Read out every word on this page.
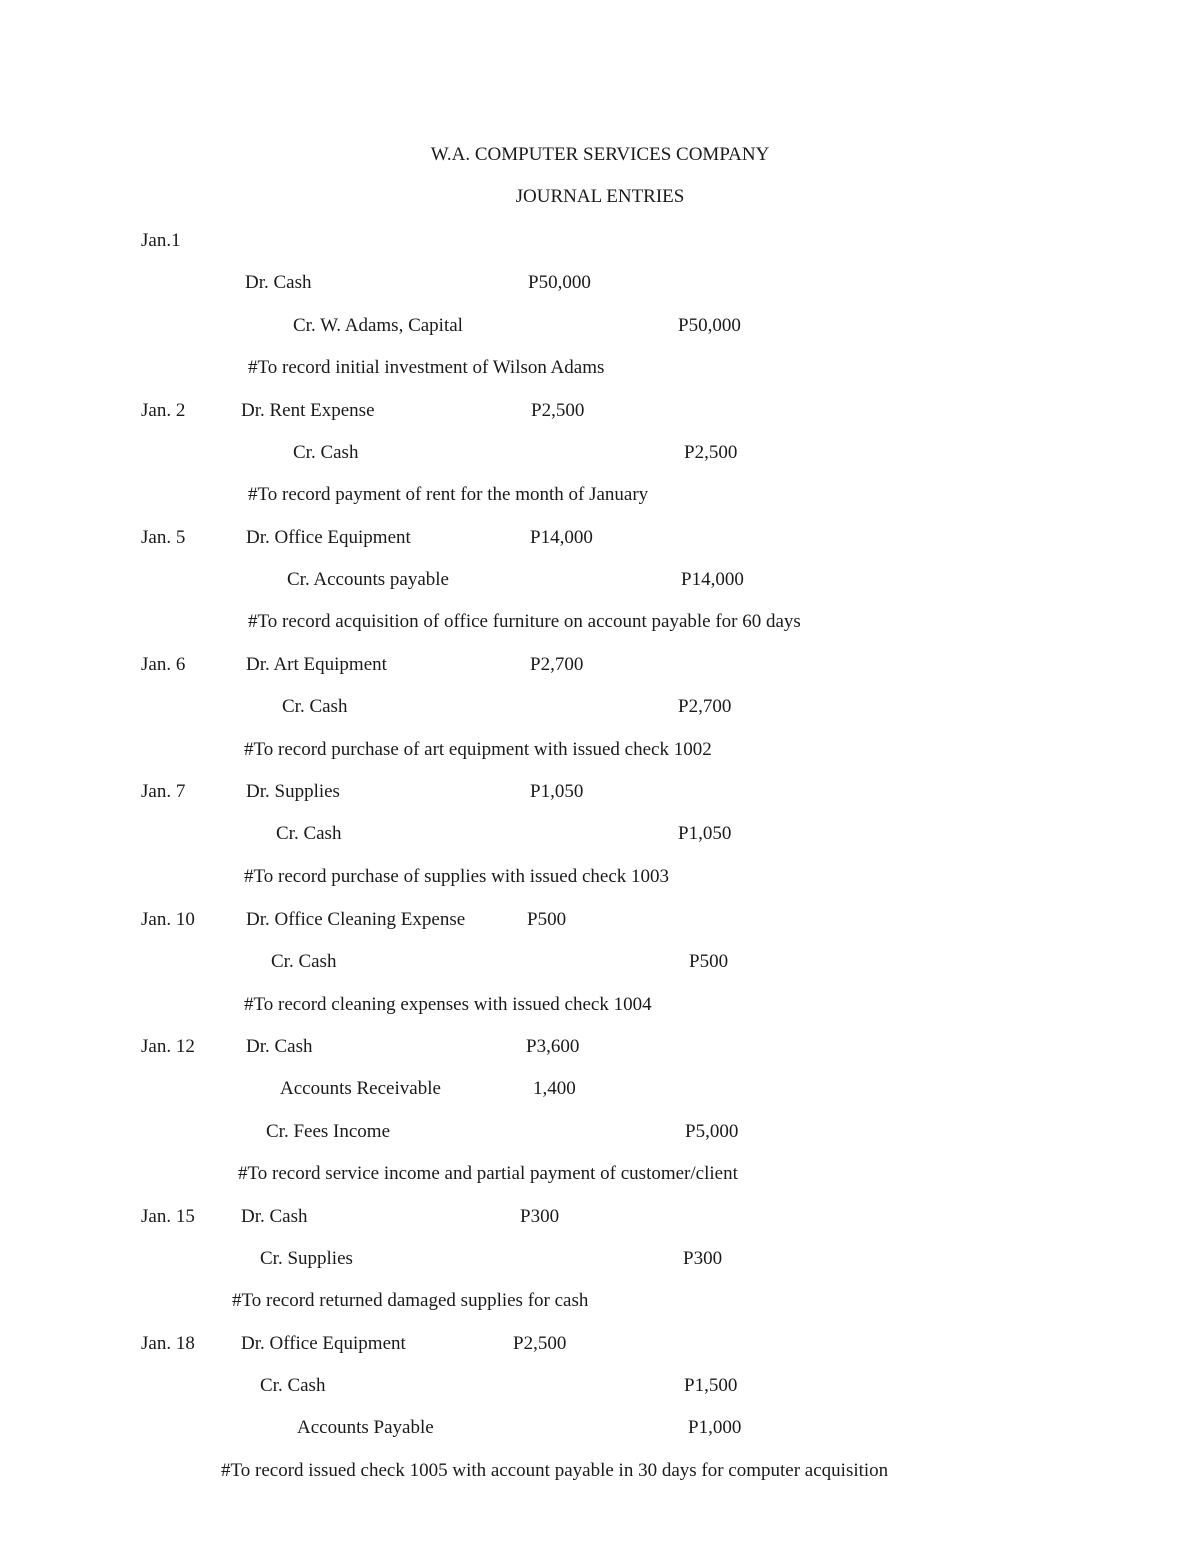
W.A. COMPUTER SERVICES COMPANY
JOURNAL ENTRIES
Jan.1
Dr. Cash	P50,000
Cr. W. Adams, Capital	P50,000
#To record initial investment of Wilson Adams
Jan. 2	Dr. Rent Expense	P2,500
Cr. Cash	P2,500
#To record payment of rent for the month of January
Jan. 5	Dr. Office Equipment	P14,000
Cr. Accounts payable	P14,000
#To record acquisition of office furniture on account payable for 60 days
Jan. 6	Dr. Art Equipment	P2,700
Cr. Cash	P2,700
#To record purchase of art equipment with issued check 1002
Jan. 7	Dr. Supplies	P1,050
Cr. Cash	P1,050
#To record purchase of supplies with issued check 1003
Jan. 10	Dr. Office Cleaning Expense	P500
Cr. Cash	P500
#To record cleaning expenses with issued check 1004
Jan. 12	Dr. Cash	P3,600
Accounts Receivable	1,400
Cr. Fees Income	P5,000
#To record service income and partial payment of customer/client
Jan. 15 Dr. Cash	P300
Cr. Supplies	P300
#To record returned damaged supplies for cash
Jan. 18 Dr. Office Equipment	P2,500
Cr. Cash	P1,500
Accounts Payable	P1,000
#To record issued check 1005 with account payable in 30 days for computer acquisition
